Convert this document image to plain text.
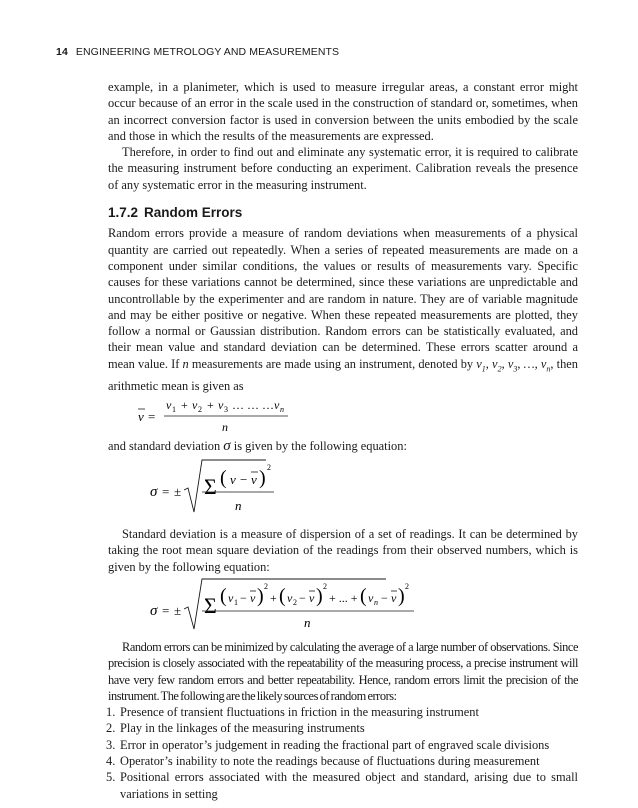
14 ENGINEERING METROLOGY AND MEASUREMENTS

example, in a planimeter, which is used to measure irregular areas, a constant error might occur because of an error in the scale used in the construction of standard or, sometimes, when an incorrect conversion factor is used in conversion between the units embodied by the scale and those in which the results of the measurements are expressed.

Therefore, in order to find out and eliminate any systematic error, it is required to calibrate the measuring instrument before conducting an experiment. Calibration reveals the presence of any systematic error in the measuring instrument.

1.7.2 Random Errors

Random errors provide a measure of random deviations when measurements of a physical quantity are carried out repeatedly. When a series of repeated measurements are made on a component under similar conditions, the values or results of measurements vary. Specific causes for these variations cannot be determined, since these variations are unpredictable and uncontrollable by the experimenter and are random in nature. They are of variable magnitude and may be either positive or negative. When these repeated measurements are plotted, they follow a normal or Gaussian distribution. Random errors can be statistically evaluated, and their mean value and standard deviation can be determined. These errors scatter around a mean value. If n measurements are made using an instrument, denoted by $v_1$, $v_2$, $v_3$, …, $v_n$, then arithmetic mean is given as

v =
v 1 + v 2 + v 3 … … … v n
n

and standard deviation σ is given by the following equation:

σ = ± Σ ( v − v ) 2
n

Standard deviation is a measure of dispersion of a set of readings. It can be determined by taking the root mean square deviation of the readings from their observed numbers, which is given by the following equation:

σ = ± Σ ( v 1 − v ) 2
+ ( v 2 − v ) 2
+ ... + ( v n − v ) 2
n

Random errors can be minimized by calculating the average of a large number of observations. Since precision is closely associated with the repeatability of the measuring process, a precise instrument will have very few random errors and better repeatability. Hence, random errors limit the precision of the instrument. The following are the likely sources of random errors:

1. Presence of transient fluctuations in friction in the measuring instrument
2. Play in the linkages of the measuring instruments
3. Error in operator’s judgement in reading the fractional part of engraved scale divisions
4. Operator’s inability to note the readings because of fluctuations during measurement
5. Positional errors associated with the measured object and standard, arising due to small variations in setting
